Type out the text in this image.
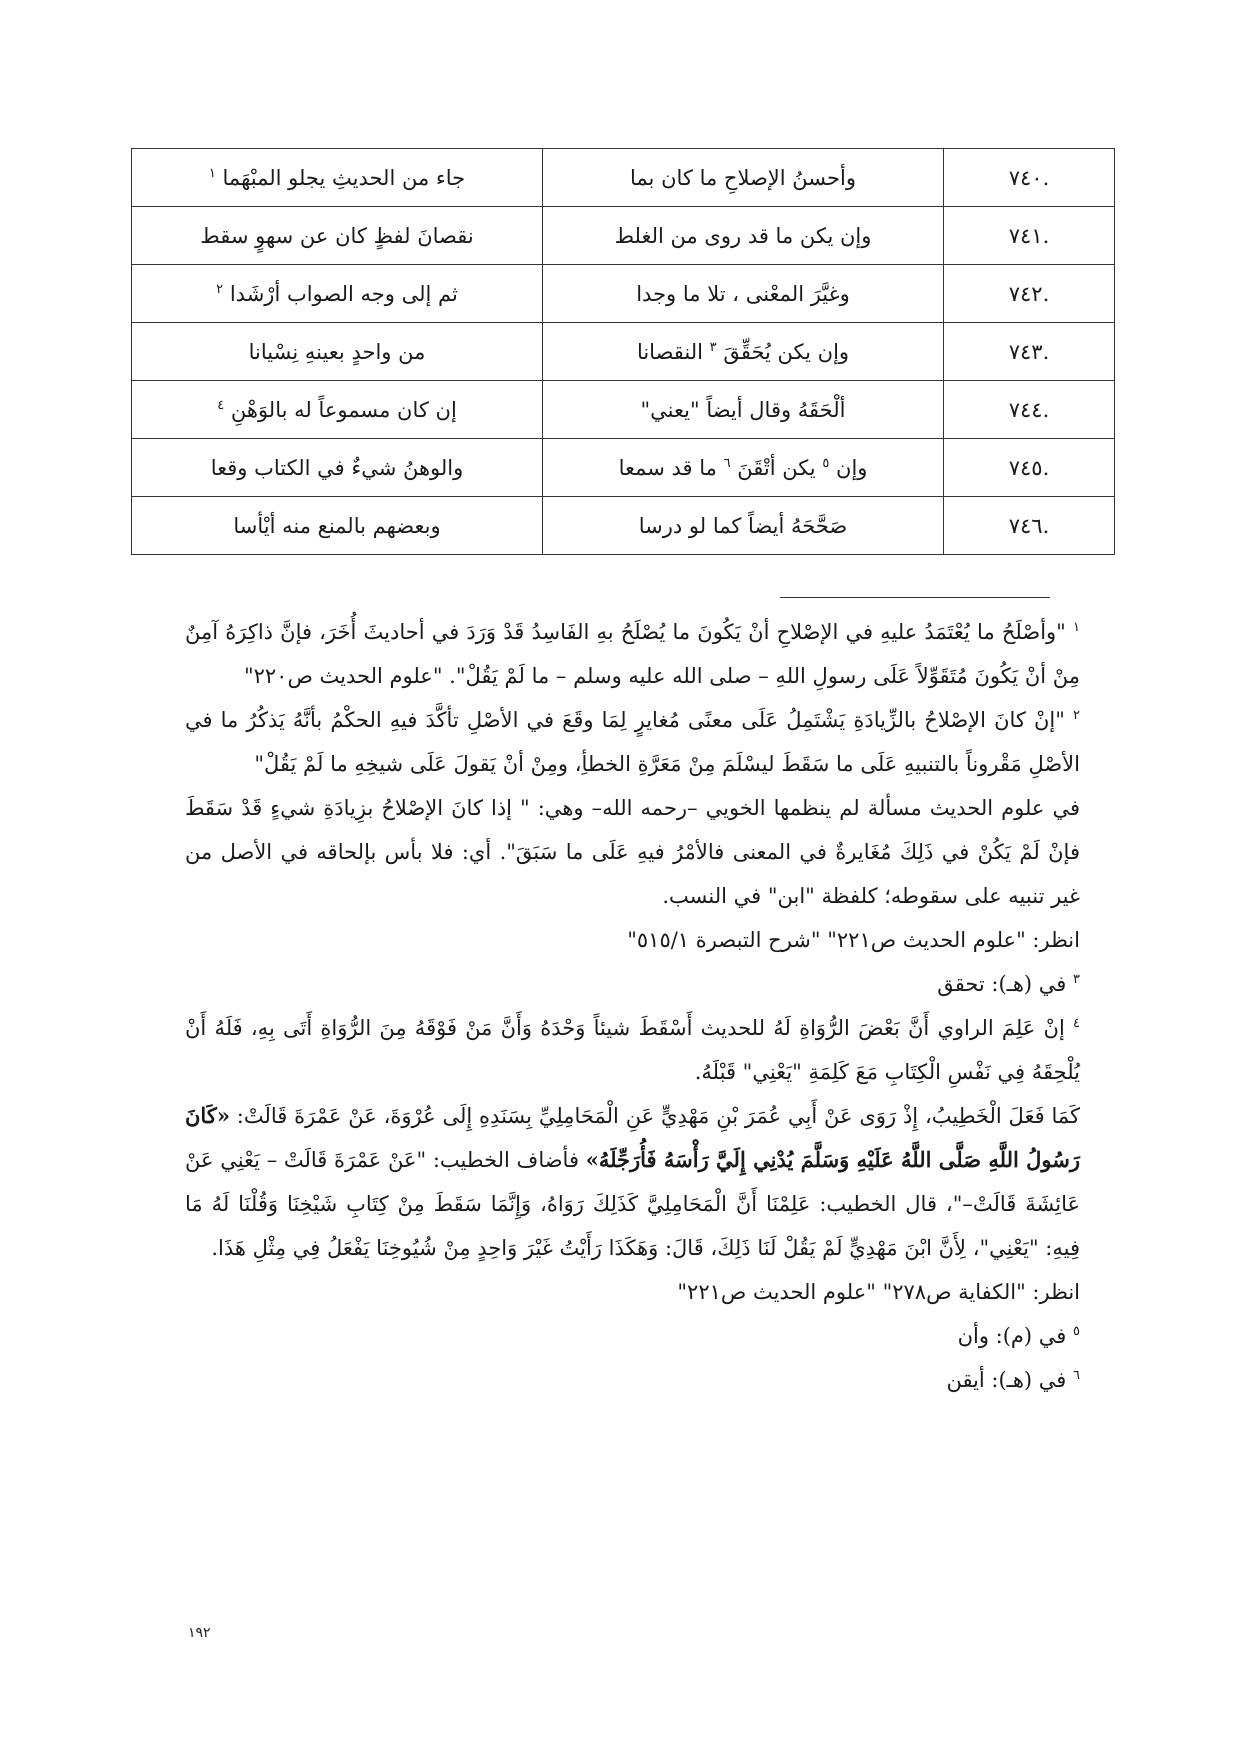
.٧٤٠	وأحسنُ الإصلاحِ ما كان بما	جاء من الحديثِ يجلو المبْهَما $^١$
.٧٤١	وإن يكن ما قد روى من الغلط	نقصانَ لفظٍ كان عن سهوٍ سقط
.٧٤٢	وغيَّرَ المعْنى ، تلا ما وجدا	ثم إلى وجه الصواب أرْشَدا $^٢$
.٧٤٣	وإن يكن يُحَقِّقَ $^٣$ النقصانا	من واحدٍ بعينهِ نِسْيانا
.٧٤٤	ألْحَقَهُ وقال أيضاً "يعني"	إن كان مسموعاً له بالوَهْنِ $^٤$
.٧٤٥	وإن $^٥$ يكن أتْقَنَ $^٦$ ما قد سمعا	والوهنُ شيءٌ في الكتاب وقعا
.٧٤٦	صَحَّحَهُ أيضاً كما لو درسا	وبعضهم بالمنع منه أيْأسا

$^١$ "وأصْلَحُ ما يُعْتَمَدُ عليهِ في الإصْلاحِ أنْ يَكُونَ ما يُصْلَحُ بهِ الفَاسِدُ قَدْ وَرَدَ في أحاديثَ أُخَرَ، فإنَّ ذاكِرَهُ آمِنٌ مِنْ أنْ يَكُونَ مُتَقَوِّلاً عَلَى رسولِ اللهِ – صلى الله عليه وسلم – ما لَمْ يَقُلْ". "علوم الحديث ص٢٢٠"

$^٢$ "إنْ كانَ الإصْلاحُ بالزِّيادَةِ يَشْتَمِلُ عَلَى معنًى مُغايرٍ لِمَا وقَعَ في الأصْلِ تأكَّدَ فيهِ الحكْمُ بأنَّهُ يَذكُرُ ما في الأصْلِ مَقْروناً بالتنبيهِ عَلَى ما سَقَطَ ليسْلَمَ مِنْ مَعَرَّةِ الخطأِ، ومِنْ أنْ يَقولَ عَلَى شيخِهِ ما لَمْ يَقُلْ"

في علوم الحديث مسألة لم ينظمها الخويي –رحمه الله– وهي: " إذا كانَ الإصْلاحُ بزِيادَةِ شيءٍ قَدْ سَقَطَ فإنْ لَمْ يَكُنْ في ذَلِكَ مُغَايرةٌ في المعنى فالأمْرُ فيهِ عَلَى ما سَبَقَ". أي: فلا بأس بإلحاقه في الأصل من غير تنبيه على سقوطه؛ كلفظة "ابن" في النسب.

انظر: "علوم الحديث ص٢٢١" "شرح التبصرة ٥١٥/١"

$^٣$ في (هـ): تحقق

$^٤$ إنْ عَلِمَ الراوي أَنَّ بَعْضَ الرُّوَاةِ لَهُ للحديث أَسْقَطَ شيئاً وَحْدَهُ وَأَنَّ مَنْ فَوْقَهُ مِنَ الرُّوَاةِ أَتَى بِهِ، فَلَهُ أَنْ يُلْحِقَهُ فِي نَفْسِ الْكِتَابِ مَعَ كَلِمَةِ "يَعْنِي" قَبْلَهُ.

كَمَا فَعَلَ الْخَطِيبُ، إِذْ رَوَى عَنْ أَبِي عُمَرَ بْنِ مَهْدِيٍّ عَنِ الْمَحَامِلِيِّ بِسَنَدِهِ إِلَى عُرْوَةَ، عَنْ عَمْرَةَ قَالَتْ: «كَانَ رَسُولُ اللَّهِ صَلَّى اللَّهُ عَلَيْهِ وَسَلَّمَ يُدْنِي إِلَيَّ رَأْسَهُ فَأُرَجِّلَهُ» فأضاف الخطيب: "عَنْ عَمْرَةَ قَالَتْ – يَعْنِي عَنْ عَائِشَةَ قَالَتْ–"، قال الخطيب: عَلِمْنَا أَنَّ الْمَحَامِلِيَّ كَذَلِكَ رَوَاهُ، وَإِنَّمَا سَقَطَ مِنْ كِتَابِ شَيْخِنَا وَقُلْنَا لَهُ مَا فِيهِ: "يَعْنِي"، لِأَنَّ ابْنَ مَهْدِيٍّ لَمْ يَقُلْ لَنَا ذَلِكَ، قَالَ: وَهَكَذَا رَأَيْتُ غَيْرَ وَاحِدٍ مِنْ شُيُوخِنَا يَفْعَلُ فِي مِثْلِ هَذَا.

انظر: "الكفاية ص٢٧٨" "علوم الحديث ص٢٢١"

$^٥$ في (م): وأن

$^٦$ في (هـ): أيقن

١٩٢
